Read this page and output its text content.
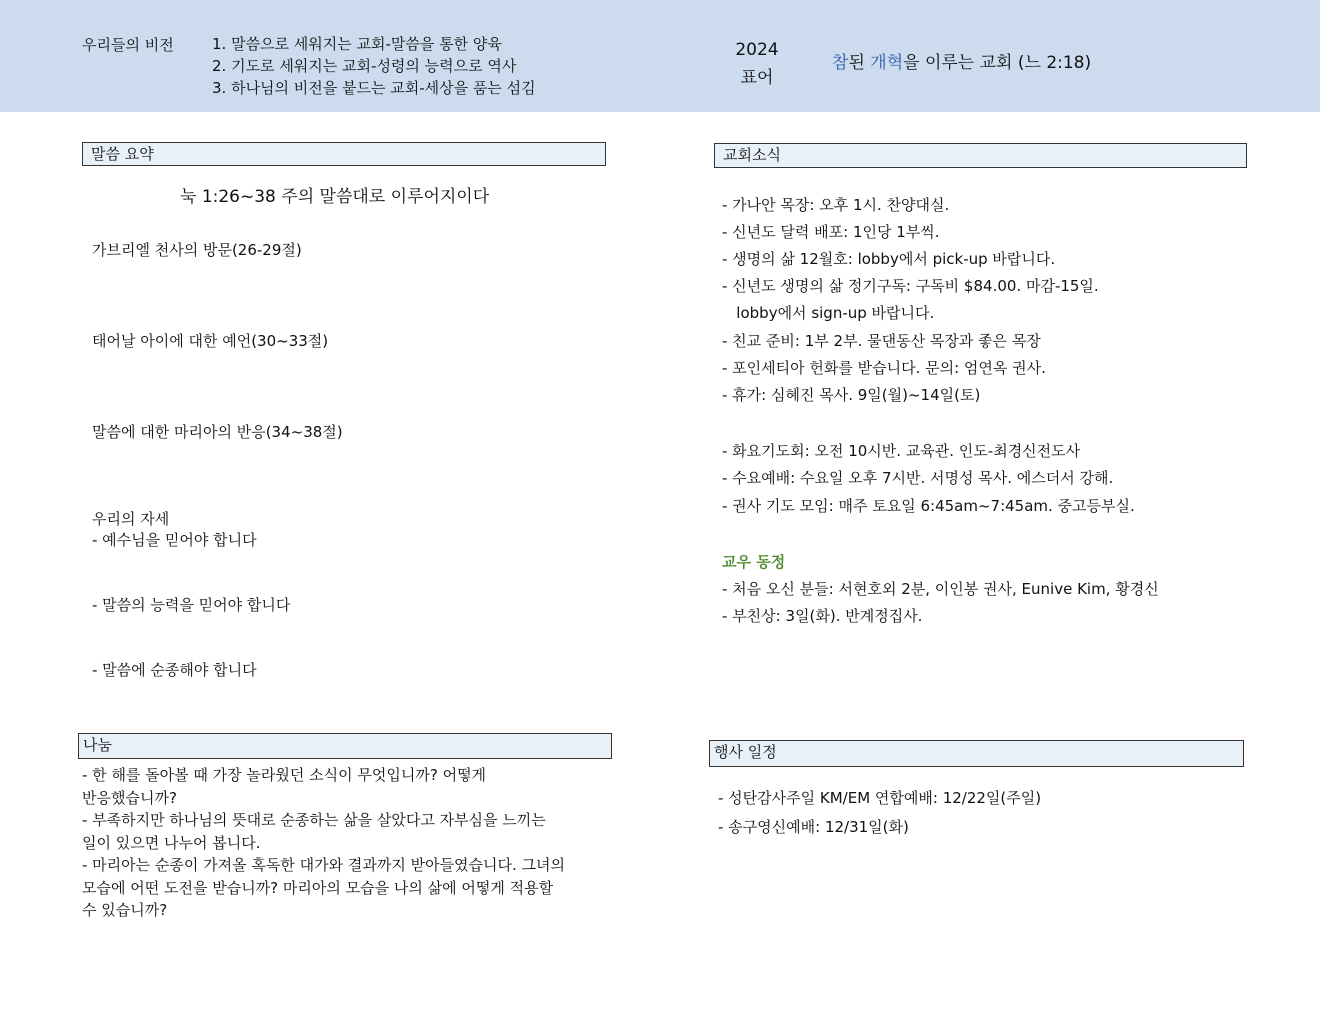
우리들의 비전	1. 말씀으로 세워지는 교회-말씀을 통한 양육
2. 기도로 세워지는 교회-성령의 능력으로 역사
3. 하나님의 비전을 붙드는 교회-세상을 품는 섬김
2024
표어
참된 개혁을 이루는 교회 (느 2:18)
말씀 요약
눅 1:26~38 주의 말씀대로 이루어지이다
가브리엘 천사의 방문(26-29절)
태어날 아이에 대한 예언(30~33절)
말씀에 대한 마리아의 반응(34~38절)
우리의 자세
- 예수님을 믿어야 합니다
- 말씀의 능력을 믿어야 합니다
- 말씀에 순종해야 합니다
나눔
- 한 해를 돌아볼 때 가장 놀라웠던 소식이 무엇입니까? 어떻게
반응했습니까?
- 부족하지만 하나님의 뜻대로 순종하는 삶을 살았다고 자부심을 느끼는
일이 있으면 나누어 봅니다.
- 마리아는 순종이 가져올 혹독한 대가와 결과까지 받아들였습니다. 그녀의
모습에 어떤 도전을 받습니까? 마리아의 모습을 나의 삶에 어떻게 적용할
수 있습니까?
교회소식
- 가나안 목장: 오후 1시. 찬양대실.
- 신년도 달력 배포: 1인당 1부씩.
- 생명의 삶 12월호: lobby에서 pick-up 바랍니다.
- 신년도 생명의 삶 정기구독: 구독비 $84.00. 마감-15일.
lobby에서 sign-up 바랍니다.
- 친교 준비: 1부 2부. 물댄동산 목장과 좋은 목장
- 포인세티아 헌화를 받습니다. 문의: 엄연옥 권사.
- 휴가: 심혜진 목사. 9일(월)~14일(토)
- 화요기도회: 오전 10시반. 교육관. 인도-최경신전도사
- 수요예배: 수요일 오후 7시반. 서명성 목사. 에스더서 강해.
- 권사 기도 모임: 매주 토요일 6:45am~7:45am. 중고등부실.
교우 동정
- 처음 오신 분들: 서현호외 2분, 이인봉 권사, Eunive Kim, 황경신
- 부친상: 3일(화). 반계정집사.
행사 일정
- 성탄감사주일 KM/EM 연합예배: 12/22일(주일)
- 송구영신예배: 12/31일(화)
